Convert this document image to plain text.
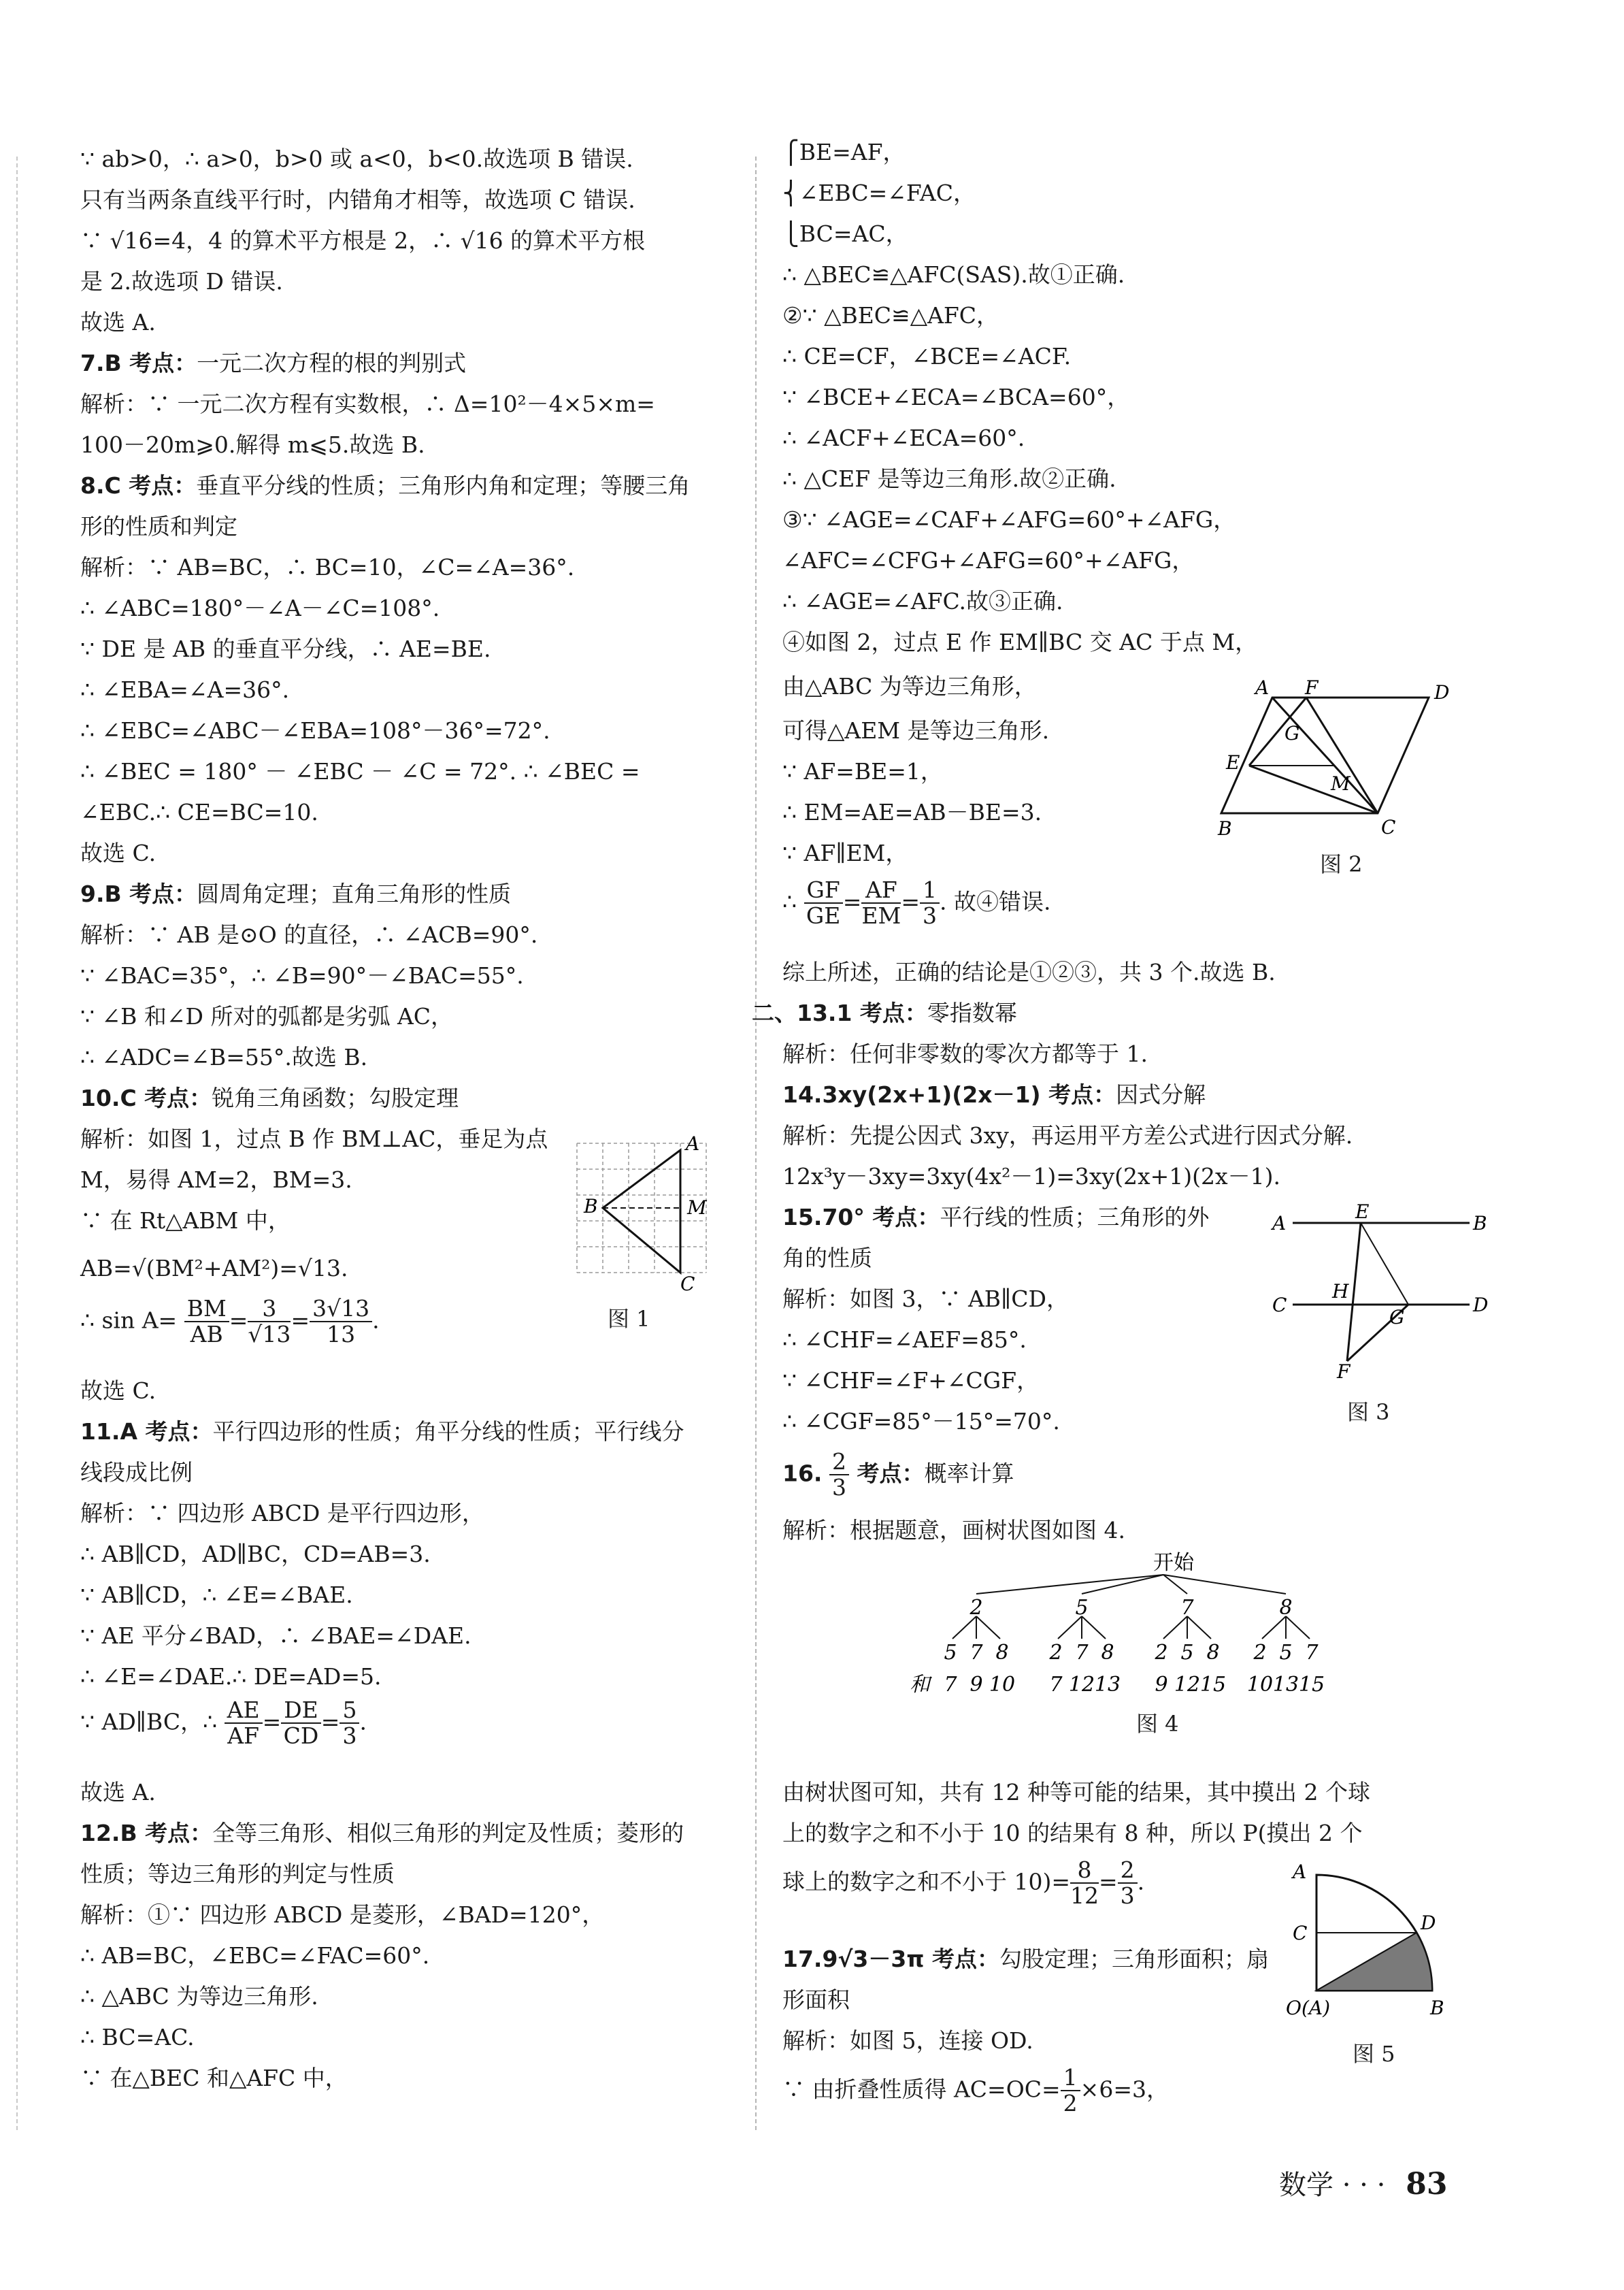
∵ ab>0，∴ a>0，b>0 或 a<0，b<0.故选项 B 错误.
只有当两条直线平行时，内错角才相等，故选项 C 错误.
∵ √16=4，4 的算术平方根是 2，∴ √16 的算术平方根
是 2.故选项 D 错误.
故选 A.
7.B 考点：一元二次方程的根的判别式
解析：∵ 一元二次方程有实数根，∴ Δ=10²－4×5×m=
100－20m⩾0.解得 m⩽5.故选 B.
8.C 考点：垂直平分线的性质；三角形内角和定理；等腰三角
形的性质和判定
解析：∵ AB=BC，∴ BC=10，∠C=∠A=36°.
∴ ∠ABC=180°－∠A－∠C=108°.
∵ DE 是 AB 的垂直平分线，∴ AE=BE.
∴ ∠EBA=∠A=36°.
∴ ∠EBC=∠ABC－∠EBA=108°－36°=72°.
∴ ∠BEC = 180° － ∠EBC － ∠C = 72°. ∴ ∠BEC =
∠EBC.∴ CE=BC=10.
故选 C.
9.B 考点：圆周角定理；直角三角形的性质
解析：∵ AB 是⊙O 的直径，∴ ∠ACB=90°.
∵ ∠BAC=35°，∴ ∠B=90°－∠BAC=55°.
∵ ∠B 和∠D 所对的弧都是劣弧 AC，
∴ ∠ADC=∠B=55°.故选 B.
10.C 考点：锐角三角函数；勾股定理
解析：如图 1，过点 B 作 BM⊥AC，垂足为点
M，易得 AM=2，BM=3.
∵ 在 Rt△ABM 中，
AB=√(BM²+AM²)=√13.
∴ $\sin A= \frac{BM}{AB} = \frac{3}{√13} = \frac{3√13}{13}$ .
故选 C.
A
B	M
C
图 1
11.A 考点：平行四边形的性质；角平分线的性质；平行线分
线段成比例
解析：∵ 四边形 ABCD 是平行四边形，
∴ AB∥CD，AD∥BC，CD=AB=3.
∵ AB∥CD，∴ ∠E=∠BAE.
∵ AE 平分∠BAD，∴ ∠BAE=∠DAE.
∴ ∠E=∠DAE.∴ DE=AD=5.
∵ AD∥BC，∴ $\frac{AE}{AF} = \frac{DE}{CD} = \frac{5}{3}$ .
故选 A.
12.B 考点：全等三角形、相似三角形的判定及性质；菱形的
性质；等边三角形的判定与性质
解析：①∵ 四边形 ABCD 是菱形，∠BAD=120°，
∴ AB=BC，∠EBC=∠FAC=60°.
∴ △ABC 为等边三角形.
∴ BC=AC.
∵ 在△BEC 和△AFC 中，
⎧BE=AF，
⎨∠EBC=∠FAC，
⎩BC=AC，
∴ △BEC≌△AFC(SAS).故①正确.
②∵ △BEC≌△AFC，
∴ CE=CF，∠BCE=∠ACF.
∵ ∠BCE+∠ECA=∠BCA=60°，
∴ ∠ACF+∠ECA=60°.
∴ △CEF 是等边三角形.故②正确.
③∵ ∠AGE=∠CAF+∠AFG=60°+∠AFG，
∠AFC=∠CFG+∠AFG=60°+∠AFG，
∴ ∠AGE=∠AFC.故③正确.
④如图 2，过点 E 作 EM∥BC 交 AC 于点 M，
由△ABC 为等边三角形，
可得△AEM 是等边三角形.
∵ AF=BE=1，
∴ EM=AE=AB－BE=3.
∵ AF∥EM，
∴ $\frac{GF}{GE} = \frac{AF}{EM} = \frac{1}{3}$ . 故④错误.
A F	D
G
E
M
B	C
图 2
综上所述，正确的结论是①②③，共 3 个.故选 B.
二、13.1 考点：零指数幂
解析：任何非零数的零次方都等于 1.
14.3xy(2x+1)(2x－1) 考点：因式分解
解析：先提公因式 3xy，再运用平方差公式进行因式分解.
12x³y－3xy=3xy(4x²－1)=3xy(2x+1)(2x－1).
15.70° 考点：平行线的性质；三角形的外
角的性质
解析：如图 3，∵ AB∥CD，
∴ ∠CHF=∠AEF=85°.
∵ ∠CHF=∠F+∠CGF，
∴ ∠CGF=85°－15°=70°.
A
E
B
C
H
G
D
F
图 3
16. $\frac{2}{3}$ 考点：概率计算
解析：根据题意，画树状图如图 4.
开始
2	5	7	8
5 7 8 2 7 8 2 5 8 2 5 7
和 7 9 10 7 12 13 9 12 15 10 13 15
图 4
由树状图可知，共有 12 种等可能的结果，其中摸出 2 个球
上的数字之和不小于 10 的结果有 8 种，所以 P(摸出 2 个
球上的数字之和不小于 $10)= \frac{8}{12} = \frac{2}{3}$ .
17.9√3－3π 考点：勾股定理；三角形面积；扇
形面积
解析：如图 5，连接 OD.
∵ 由折叠性质得 $AC=OC= \frac{1}{2} \times 6=3$，
A
C	D
O(A)	B
图 5
数学 · · · 83
